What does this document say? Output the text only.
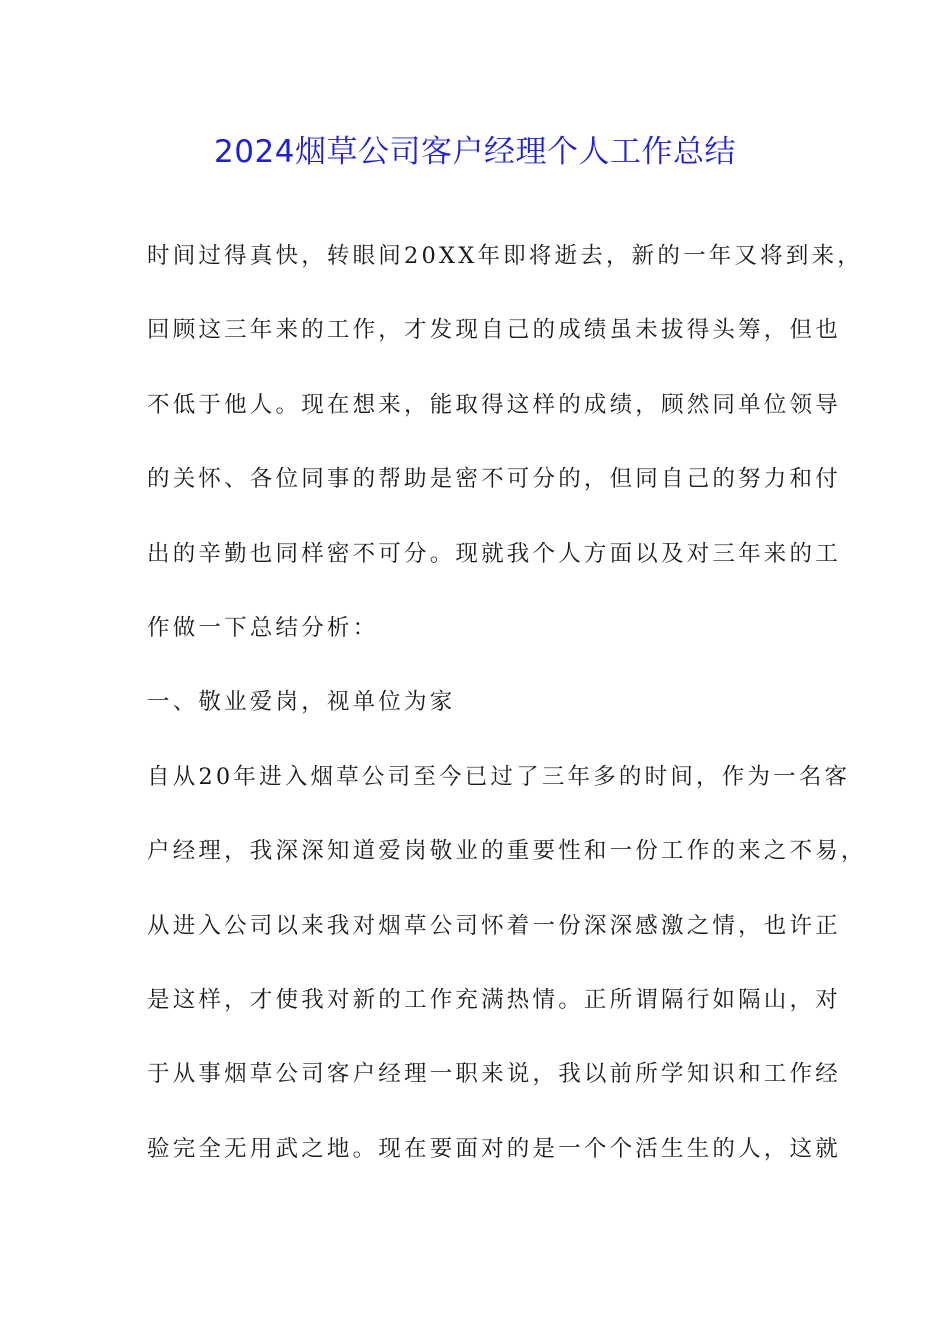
2024烟草公司客户经理个人工作总结
时间过得真快，转眼间20XX年即将逝去，新的一年又将到来，
回顾这三年来的工作，才发现自己的成绩虽未拔得头筹，但也
不低于他人。现在想来，能取得这样的成绩，顾然同单位领导
的关怀、各位同事的帮助是密不可分的，但同自己的努力和付
出的辛勤也同样密不可分。现就我个人方面以及对三年来的工
作做一下总结分析：
一、敬业爱岗，视单位为家
自从20年进入烟草公司至今已过了三年多的时间，作为一名客
户经理，我深深知道爱岗敬业的重要性和一份工作的来之不易，
从进入公司以来我对烟草公司怀着一份深深感激之情，也许正
是这样，才使我对新的工作充满热情。正所谓隔行如隔山，对
于从事烟草公司客户经理一职来说，我以前所学知识和工作经
验完全无用武之地。现在要面对的是一个个活生生的人，这就
